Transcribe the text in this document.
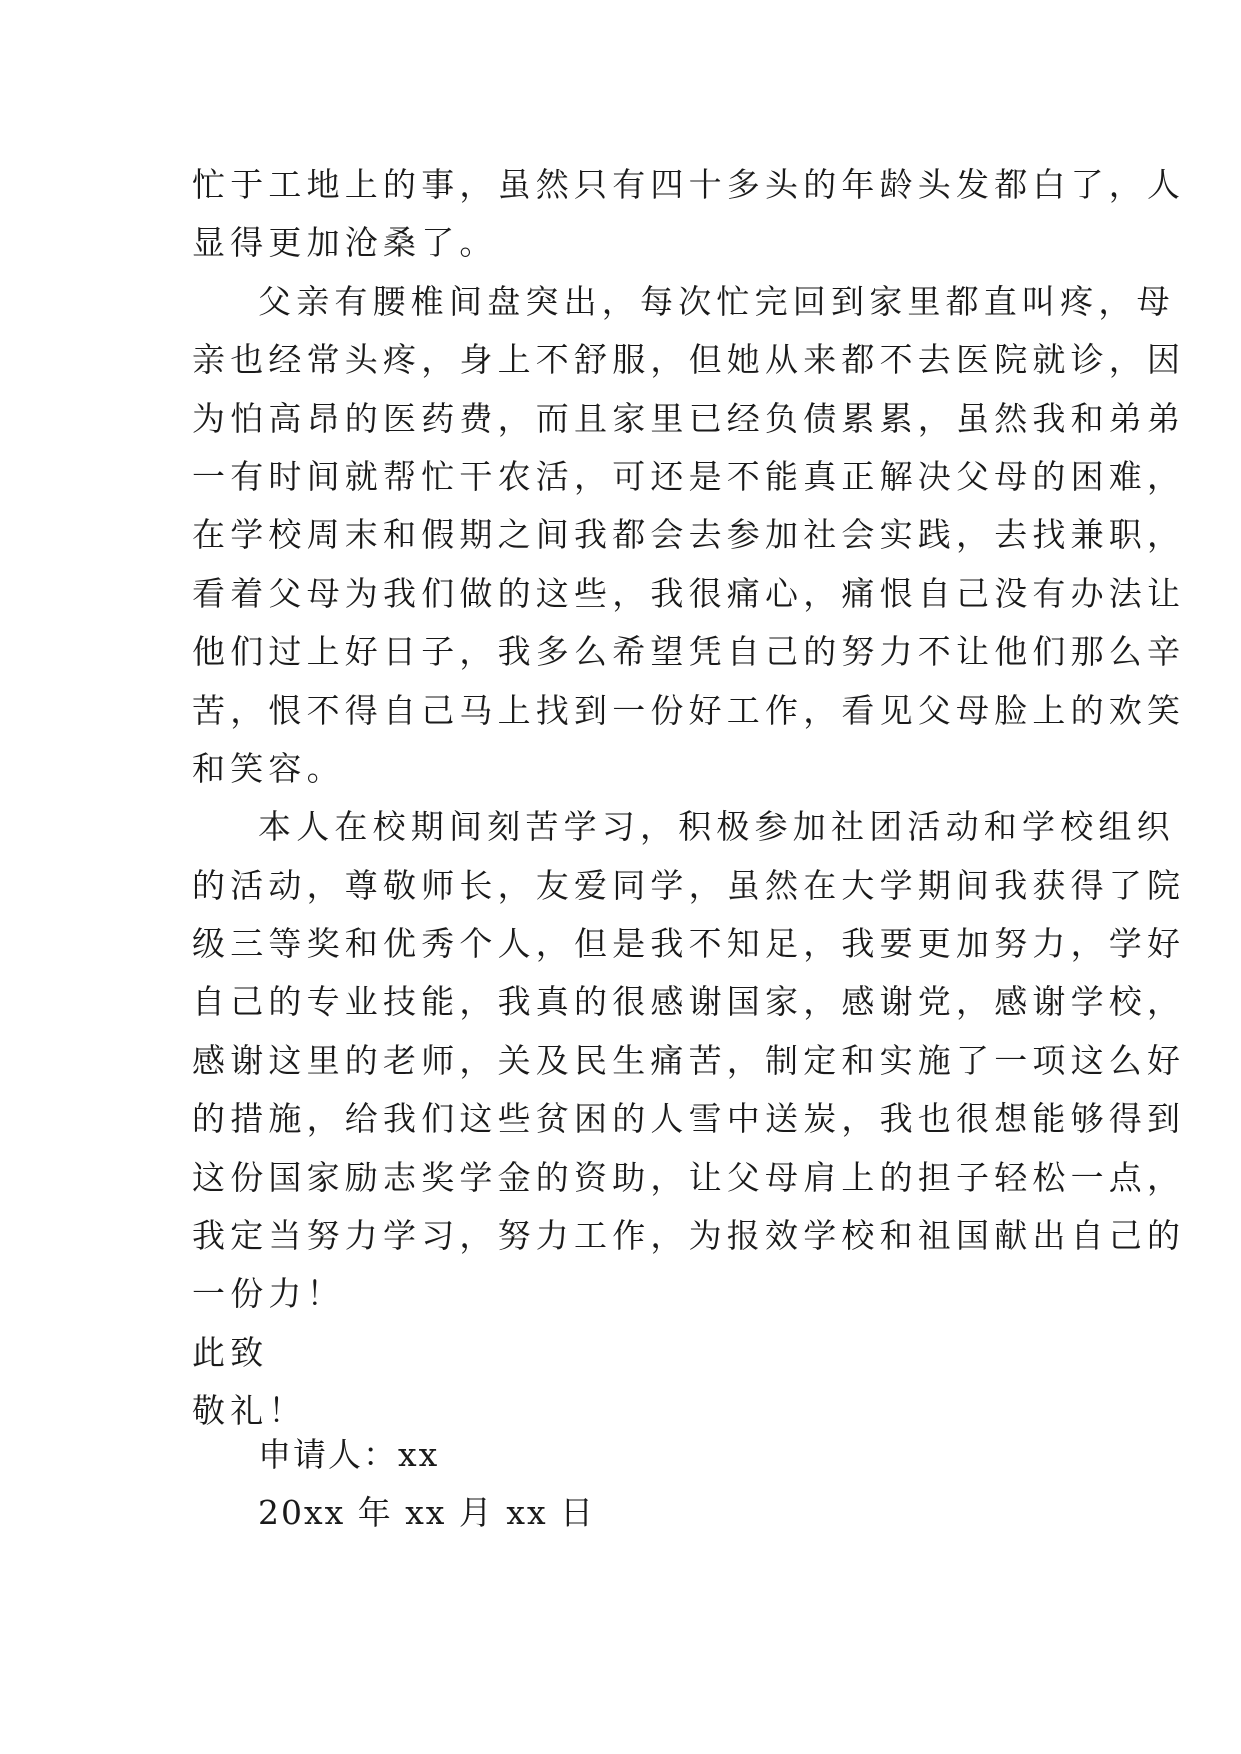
忙于工地上的事，虽然只有四十多头的年龄头发都白了，人
显得更加沧桑了。
父亲有腰椎间盘突出，每次忙完回到家里都直叫疼，母
亲也经常头疼，身上不舒服，但她从来都不去医院就诊，因
为怕高昂的医药费，而且家里已经负债累累，虽然我和弟弟
一有时间就帮忙干农活，可还是不能真正解决父母的困难，
在学校周末和假期之间我都会去参加社会实践，去找兼职，
看着父母为我们做的这些，我很痛心，痛恨自己没有办法让
他们过上好日子，我多么希望凭自己的努力不让他们那么辛
苦，恨不得自己马上找到一份好工作，看见父母脸上的欢笑
和笑容。
本人在校期间刻苦学习，积极参加社团活动和学校组织
的活动，尊敬师长，友爱同学，虽然在大学期间我获得了院
级三等奖和优秀个人，但是我不知足，我要更加努力，学好
自己的专业技能，我真的很感谢国家，感谢党，感谢学校，
感谢这里的老师，关及民生痛苦，制定和实施了一项这么好
的措施，给我们这些贫困的人雪中送炭，我也很想能够得到
这份国家励志奖学金的资助，让父母肩上的担子轻松一点，
我定当努力学习，努力工作，为报效学校和祖国献出自己的
一份力！
此致
敬礼！
申请人：xx
20xx 年 xx 月 xx 日
